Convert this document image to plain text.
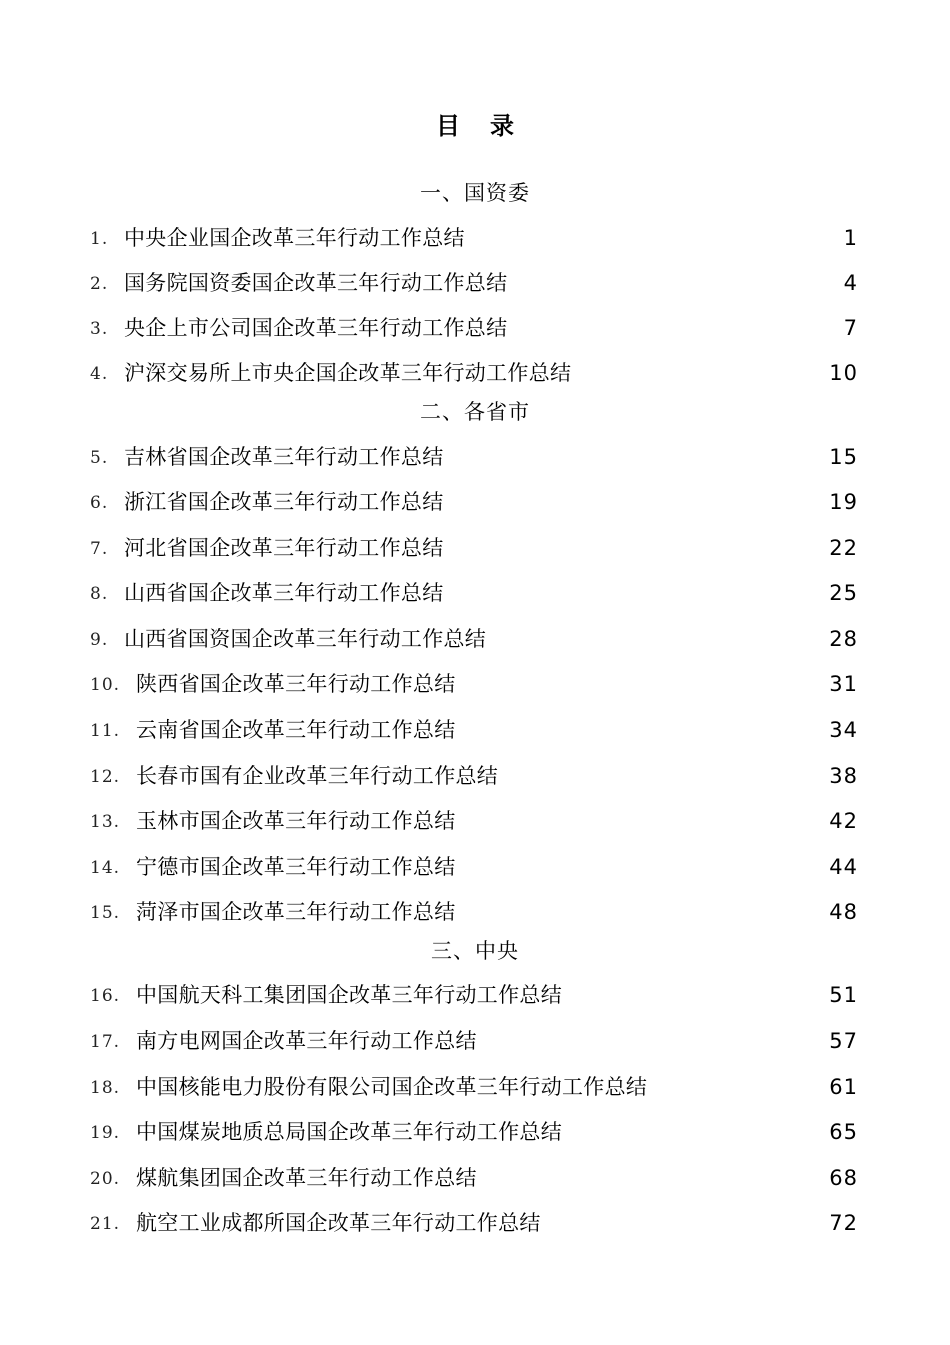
目录
一、国资委
1. 中央企业国企改革三年行动工作总结	1
2. 国务院国资委国企改革三年行动工作总结	4
3. 央企上市公司国企改革三年行动工作总结	7
4. 沪深交易所上市央企国企改革三年行动工作总结	10
二、各省市
5. 吉林省国企改革三年行动工作总结	15
6. 浙江省国企改革三年行动工作总结	19
7. 河北省国企改革三年行动工作总结	22
8. 山西省国企改革三年行动工作总结	25
9. 山西省国资国企改革三年行动工作总结	28
10. 陕西省国企改革三年行动工作总结	31
11. 云南省国企改革三年行动工作总结	34
12. 长春市国有企业改革三年行动工作总结	38
13. 玉林市国企改革三年行动工作总结	42
14. 宁德市国企改革三年行动工作总结	44
15. 菏泽市国企改革三年行动工作总结	48
三、中央
16. 中国航天科工集团国企改革三年行动工作总结	51
17. 南方电网国企改革三年行动工作总结	57
18. 中国核能电力股份有限公司国企改革三年行动工作总结	61
19. 中国煤炭地质总局国企改革三年行动工作总结	65
20. 煤航集团国企改革三年行动工作总结	68
21. 航空工业成都所国企改革三年行动工作总结	72
